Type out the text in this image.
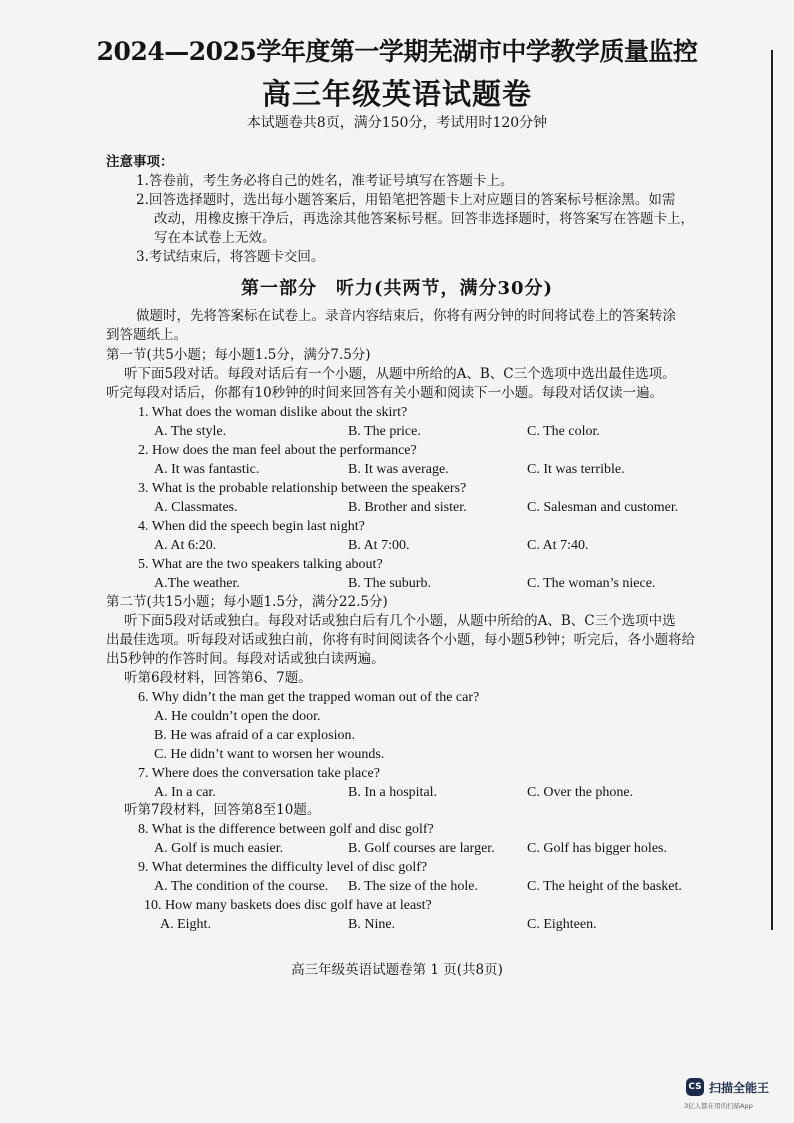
2024—2025学年度第一学期芜湖市中学教学质量监控
高三年级英语试题卷
本试题卷共8页，满分150分，考试用时120分钟
注意事项：
1.答卷前，考生务必将自己的姓名，准考证号填写在答题卡上。
2.回答选择题时，选出每小题答案后，用铅笔把答题卡上对应题目的答案标号框涂黑。如需
改动，用橡皮擦干净后，再选涂其他答案标号框。回答非选择题时，将答案写在答题卡上，
写在本试卷上无效。
3.考试结束后，将答题卡交回。
第一部分　听力(共两节，满分30分)
做题时，先将答案标在试卷上。录音内容结束后，你将有两分钟的时间将试卷上的答案转涂
到答题纸上。
第一节(共5小题；每小题1.5分，满分7.5分)
听下面5段对话。每段对话后有一个小题，从题中所给的A、B、C三个选项中选出最佳选项。
听完每段对话后，你都有10秒钟的时间来回答有关小题和阅读下一小题。每段对话仅读一遍。
1. What does the woman dislike about the skirt?
A. The style.	B. The price.	C. The color.
2. How does the man feel about the performance?
A. It was fantastic.	B. It was average.	C. It was terrible.
3. What is the probable relationship between the speakers?
A. Classmates.	B. Brother and sister.	C. Salesman and customer.
4. When did the speech begin last night?
A. At 6:20.	B. At 7:00.	C. At 7:40.
5. What are the two speakers talking about?
A.The weather.	B. The suburb.	C. The woman’s niece.
第二节(共15小题；每小题1.5分，满分22.5分)
听下面5段对话或独白。每段对话或独白后有几个小题，从题中所给的A、B、C三个选项中选
出最佳选项。听每段对话或独白前，你将有时间阅读各个小题，每小题5秒钟；听完后，各小题将给
出5秒钟的作答时间。每段对话或独白读两遍。
听第6段材料，回答第6、7题。
6. Why didn’t the man get the trapped woman out of the car?
A. He couldn’t open the door.
B. He was afraid of a car explosion.
C. He didn’t want to worsen her wounds.
7. Where does the conversation take place?
A. In a car.	B. In a hospital.	C. Over the phone.
听第7段材料，回答第8至10题。
8. What is the difference between golf and disc golf?
A. Golf is much easier.	B. Golf courses are larger. C. Golf has bigger holes.
9. What determines the difficulty level of disc golf?
A. The condition of the course. B. The size of the hole.	C. The height of the basket.
10. How many baskets does disc golf have at least?
A. Eight.	B. Nine.	C. Eighteen.
高三年级英语试题卷第 1 页(共8页)
CS 扫描全能王
3亿人都在用的扫描App
